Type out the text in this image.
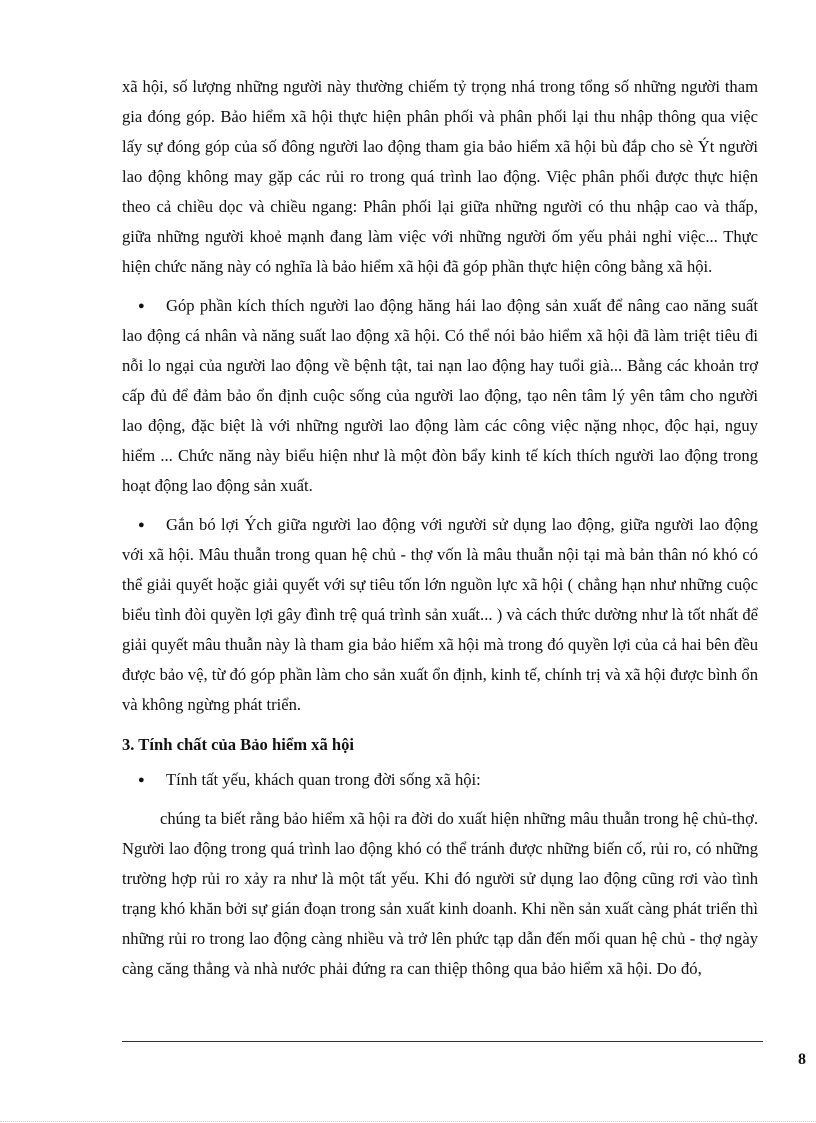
xã hội, số lượng những người này thường chiếm tỷ trọng nhá trong tổng số những người tham gia đóng góp. Bảo hiểm xã hội thực hiện phân phối và phân phối lại thu nhập thông qua việc lấy sự đóng góp của số đông người lao động tham gia bảo hiểm xã hội bù đắp cho sè Ýt người lao động không may gặp các rủi ro trong quá trình lao động. Việc phân phối được thực hiện theo cả chiều dọc và chiều ngang: Phân phối lại giữa những người có thu nhập cao và thấp, giữa những người khoẻ mạnh đang làm việc với những người ốm yếu phải nghỉ việc... Thực hiện chức năng này có nghĩa là bảo hiểm xã hội đã góp phần thực hiện công bằng xã hội.

● Góp phần kích thích người lao động hăng hái lao động sản xuất để nâng cao năng suất lao động cá nhân và năng suất lao động xã hội. Có thể nói bảo hiểm xã hội đã làm triệt tiêu đi nỗi lo ngại của người lao động về bệnh tật, tai nạn lao động hay tuổi già... Bằng các khoản trợ cấp đủ để đảm bảo ổn định cuộc sống của người lao động, tạo nên tâm lý yên tâm cho người lao động, đặc biệt là với những người lao động làm các công việc nặng nhọc, độc hại, nguy hiểm ... Chức năng này biểu hiện như là một đòn bẩy kinh tế kích thích người lao động trong hoạt động lao động sản xuất.

● Gắn bó lợi Ých giữa người lao động với người sử dụng lao động, giữa người lao động với xã hội. Mâu thuẫn trong quan hệ chủ - thợ vốn là mâu thuẫn nội tại mà bản thân nó khó có thể giải quyết hoặc giải quyết với sự tiêu tốn lớn nguồn lực xã hội ( chẳng hạn như những cuộc biểu tình đòi quyền lợi gây đình trệ quá trình sản xuất... ) và cách thức dường như là tốt nhất để giải quyết mâu thuẫn này là tham gia bảo hiểm xã hội mà trong đó quyền lợi của cả hai bên đều được bảo vệ, từ đó góp phần làm cho sản xuất ổn định, kinh tế, chính trị và xã hội được bình ổn và không ngừng phát triển.

3. Tính chất của Bảo hiểm xã hội

● Tính tất yếu, khách quan trong đời sống xã hội:

chúng ta biết rằng bảo hiểm xã hội ra đời do xuất hiện những mâu thuẫn trong hệ chủ-thợ. Người lao động trong quá trình lao động khó có thể tránh được những biến cố, rủi ro, có những trường hợp rủi ro xảy ra như là một tất yếu. Khi đó người sử dụng lao động cũng rơi vào tình trạng khó khăn bởi sự gián đoạn trong sản xuất kinh doanh. Khi nền sản xuất càng phát triển thì những rủi ro trong lao động càng nhiều và trở lên phức tạp dẫn đến mối quan hệ chủ - thợ ngày càng căng thẳng và nhà nước phải đứng ra can thiệp thông qua bảo hiểm xã hội. Do đó,

8
